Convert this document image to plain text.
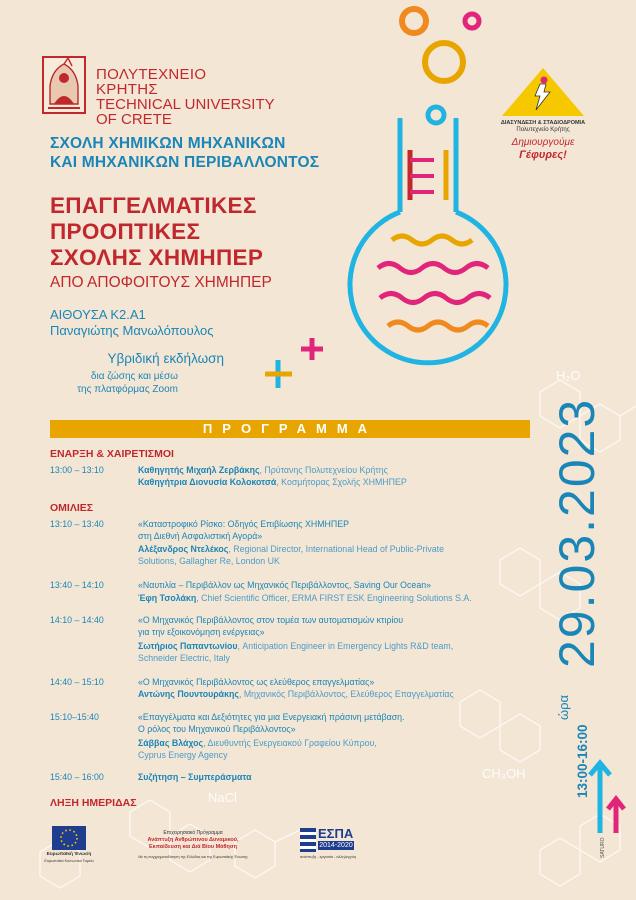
H₂O
CH₃OH
NaCl
ΠΟΛΥΤΕΧΝΕΙΟ
ΚΡΗΤΗΣ
TECHNICAL UNIVERSITY
OF CRETE
ΣΧΟΛΗ ΧΗΜΙΚΩΝ ΜΗΧΑΝΙΚΩΝ
ΚΑΙ ΜΗΧΑΝΙΚΩΝ ΠΕΡΙΒΑΛΛΟΝΤΟΣ
ΕΠΑΓΓΕΛΜΑΤΙΚΕΣ
ΠΡΟΟΠΤΙΚΕΣ
ΣΧΟΛΗΣ ΧΗΜΗΠΕΡ
ΑΠΟ ΑΠΟΦΟΙΤΟΥΣ ΧΗΜΗΠΕΡ
ΑΙΘΟΥΣΑ Κ2.Α1
Παναγιώτης Μανωλόπουλος
Υβριδική εκδήλωση
δια ζώσης και μέσω
της πλατφόρμας Zoom
ΔΙΑΣΥΝΔΕΣΗ & ΣΤΑΔΙΟΔΡΟΜΙΑ
Πολυτεχνείο Κρήτης
Δημιουργούμε
Γέφυρες!
ΠΡΟΓΡΑΜΜΑ
ΕΝΑΡΞΗ & ΧΑΙΡΕΤΙΣΜΟΙ
13:00 – 13:10	Καθηγητής Μιχαήλ Ζερβάκης, Πρύτανης Πολυτεχνείου Κρήτης
Καθηγήτρια Διονυσία Κολοκοτσά, Κοσμήτορας Σχολής ΧΗΜΗΠΕΡ
ΟΜΙΛΙΕΣ
13:10 – 13:40	«Καταστροφικό Ρίσκο: Οδηγός Επιβίωσης ΧΗΜΗΠΕΡ
στη Διεθνή Ασφαλιστική Αγορά»
Αλέξανδρος Ντελέκος, Regional Director, International Head of Public-Private
Solutions, Gallagher Re, London UK
13:40 – 14:10	«Ναυτιλία – Περιβάλλον ως Μηχανικός Περιβάλλοντος, Saving Our Ocean»
Έφη Τσολάκη, Chief Scientific Officer, ERMA FIRST ESK Engineering Solutions S.A.
14:10 – 14:40	«Ο Μηχανικός Περιβάλλοντος στον τομέα των αυτοματισμών κτιρίου
για την εξοικονόμηση ενέργειας»
Σωτήριος Παπαντωνίου, Anticipation Engineer in Emergency Lights R&D team,
Schneider Electric, Italy
14:40 – 15:10	«Ο Μηχανικός Περιβάλλοντος ως ελεύθερος επαγγελματίας»
Αντώνης Πουντουράκης, Μηχανικός Περιβάλλοντος, Ελεύθερος Επαγγελματίας
15:10–15:40	«Επαγγέλματα και Δεξιότητες για μια Ενεργειακή πράσινη μετάβαση.
Ο ρόλος του Μηχανικού Περιβάλλοντος»
Σάββας Βλάχος, Διευθυντής Ενεργειακού Γραφείου Κύπρου,
Cyprus Energy Agency
15:40 – 16:00	Συζήτηση – Συμπεράσματα
ΛΗΞΗ ΗΜΕΡΙΔΑΣ
29.03.2023
ώρα
13:00-16:00
Ευρωπαϊκή Ένωση
Ευρωπαϊκό Κοινωνικό Ταμείο
Επιχειρησιακό Πρόγραμμα
Ανάπτυξη Ανθρώπινου Δυναμικού,
Εκπαίδευση και Διά Βίου Μάθηση
Με τη συγχρηματοδότηση της Ελλάδας και της Ευρωπαϊκής Ένωσης
ΕΣΠΑ
2014-2020
ανάπτυξη - εργασία - αλληλεγγύη	SATURO
